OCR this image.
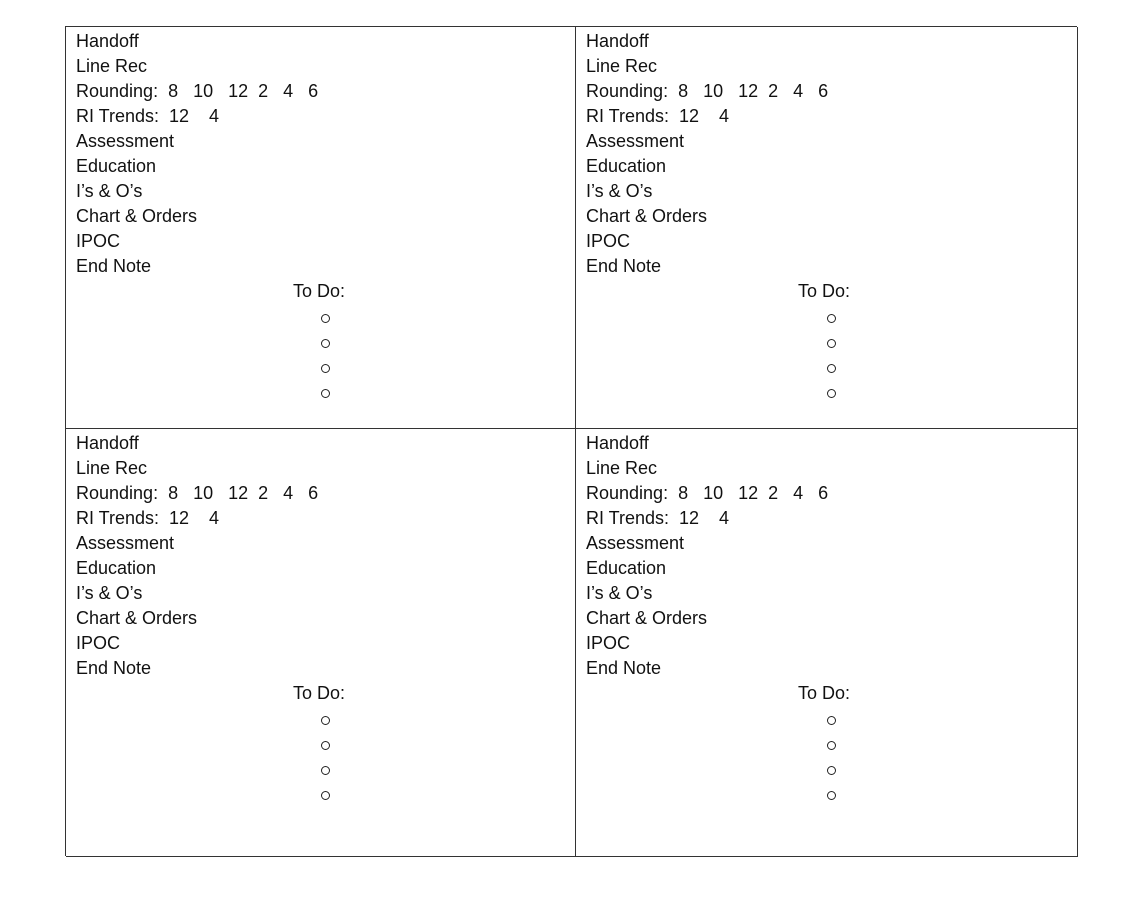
Handoff
Line Rec
Rounding:  8   10   12  2   4   6
RI Trends:  12    4
Assessment
Education
I’s & O’s
Chart & Orders
IPOC
End Note
To Do:
Handoff
Line Rec
Rounding:  8   10   12  2   4   6
RI Trends:  12    4
Assessment
Education
I’s & O’s
Chart & Orders
IPOC
End Note
To Do:
Handoff
Line Rec
Rounding:  8   10   12  2   4   6
RI Trends:  12    4
Assessment
Education
I’s & O’s
Chart & Orders
IPOC
End Note
To Do:
Handoff
Line Rec
Rounding:  8   10   12  2   4   6
RI Trends:  12    4
Assessment
Education
I’s & O’s
Chart & Orders
IPOC
End Note
To Do:
